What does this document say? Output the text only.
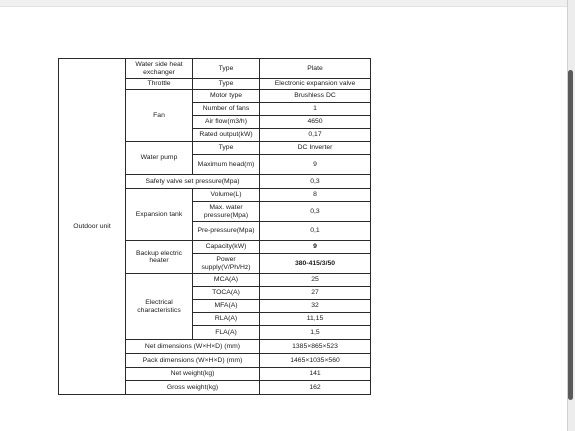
Outdoor unit	Water side heat exchanger	Type	Plate
	Throttle	Type	Electronic expansion valve
	Fan	Motor type	Brushless DC
		Number of fans	1
		Air flow(m3/h)	4650
		Rated output(kW)	0,17
	Water pump	Type	DC Inverter
		Maximum head(m)	9
	Safety valve set pressure(Mpa)		0,3
	Expansion tank	Volume(L)	8
		Max. water pressure(Mpa)	0,3
		Pre-pressure(Mpa)	0,1
	Backup electric heater	Capacity(kW)	9
		Power supply(V/Ph/Hz)	380-415/3/50
	Electrical characteristics	MCA(A)	25
		TOCA(A)	27
		MFA(A)	32
		RLA(A)	11,15
		FLA(A)	1,5
	Net dimensions (W×H×D) (mm)		1385×865×523
	Pack dimensions (W×H×D) (mm)		1465×1035×560
	Net weight(kg)		141
	Gross weight(kg)		162
